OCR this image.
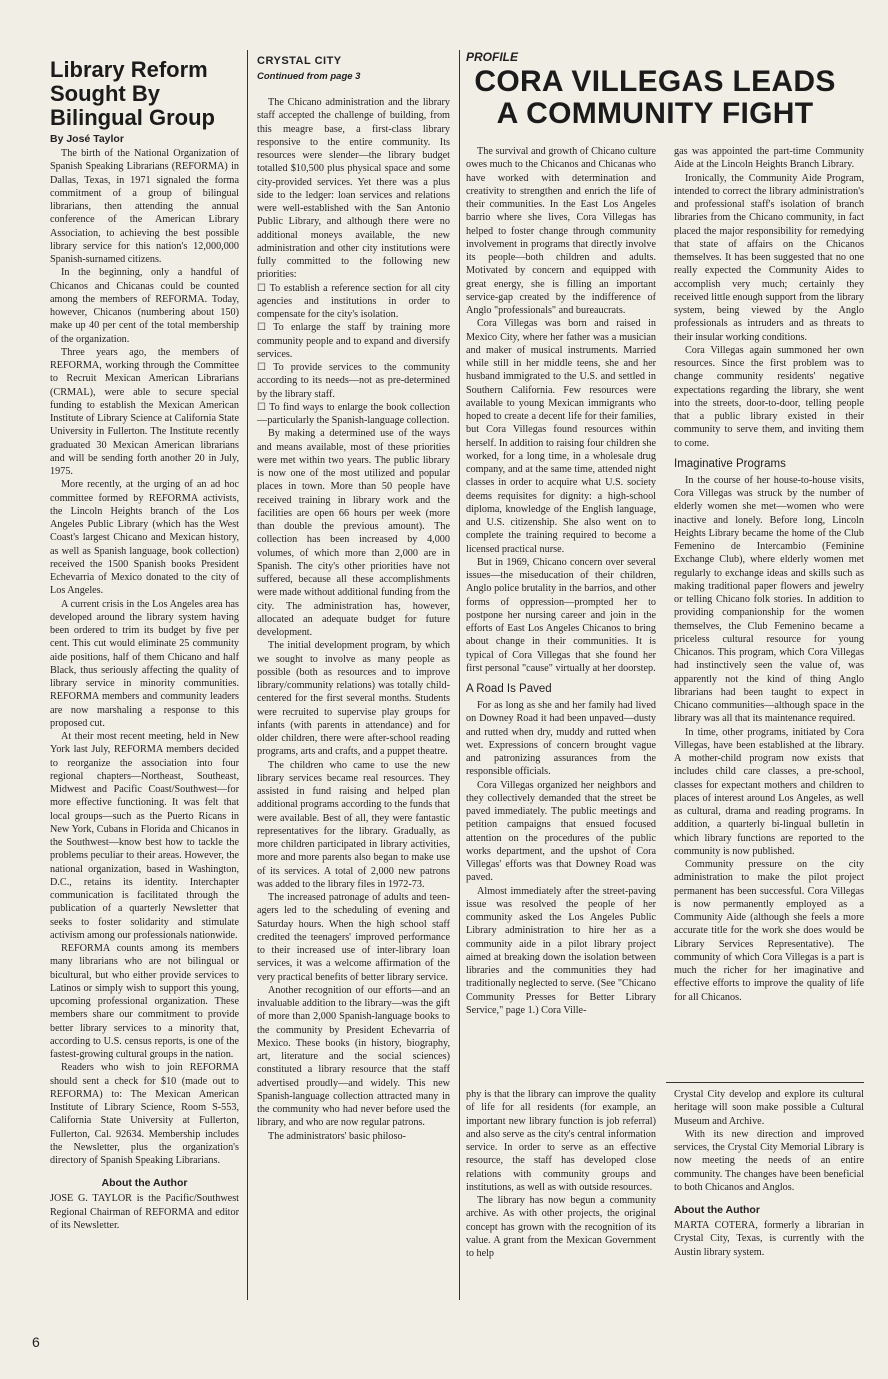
Library Reform Sought By Bilingual Group
By José Taylor

The birth of the National Organization of Spanish Speaking Librarians (REFORMA) in Dallas, Texas, in 1971 signaled the forma commitment of a group of bilingual librarians, then attending the annual conference of the American Library Association, to achieving the best possible library service for this nation's 12,000,000 Spanish-surnamed citizens.

In the beginning, only a handful of Chicanos and Chicanas could be counted among the members of REFORMA. Today, however, Chicanos (numbering about 150) make up 40 per cent of the total membership of the organization.

Three years ago, the members of REFORMA, working through the Committee to Recruit Mexican American Librarians (CRMAL), were able to secure special funding to establish the Mexican American Institute of Library Science at California State University in Fullerton. The Institute recently graduated 30 Mexican American librarians and will be sending forth another 20 in July, 1975.

More recently, at the urging of an ad hoc committee formed by REFORMA activists, the Lincoln Heights branch of the Los Angeles Public Library (which has the West Coast's largest Chicano and Mexican history, as well as Spanish language, book collection) received the 1500 Spanish books President Echevarria of Mexico donated to the city of Los Angeles.

A current crisis in the Los Angeles area has developed around the library system having been ordered to trim its budget by five per cent. This cut would eliminate 25 community aide positions, half of them Chicano and half Black, thus seriously affecting the quality of library service in minority communities. REFORMA members and community leaders are now marshaling a response to this proposed cut.

At their most recent meeting, held in New York last July, REFORMA members decided to reorganize the association into four regional chapters—Northeast, Southeast, Midwest and Pacific Coast/Southwest—for more effective functioning. It was felt that local groups—such as the Puerto Ricans in New York, Cubans in Florida and Chicanos in the Southwest—know best how to tackle the problems peculiar to their areas. However, the national organization, based in Washington, D.C., retains its identity. Interchapter communication is facilitated through the publication of a quarterly Newsletter that seeks to foster solidarity and stimulate activism among our professionals nationwide.

REFORMA counts among its members many librarians who are not bilingual or bicultural, but who either provide services to Latinos or simply wish to support this young, upcoming professional organization. These members share our commitment to provide better library services to a minority that, according to U.S. census reports, is one of the fastest-growing cultural groups in the nation.

Readers who wish to join REFORMA should sent a check for $10 (made out to REFORMA) to: The Mexican American Institute of Library Science, Room S-553, California State University at Fullerton, Fullerton, Cal. 92634. Membership includes the Newsletter, plus the organization's directory of Spanish Speaking Librarians.

About the Author

JOSE G. TAYLOR is the Pacific/Southwest Regional Chairman of REFORMA and editor of its Newsletter.

CRYSTAL CITY
Continued from page 3

The Chicano administration and the library staff accepted the challenge of building, from this meagre base, a first-class library responsive to the entire community. Its resources were slender—the library budget totalled $10,500 plus physical space and some city-provided services. Yet there was a plus side to the ledger: loan services and relations were well-established with the San Antonio Public Library, and although there were no additional moneys available, the new administration and other city institutions were fully committed to the following new priorities:

☐ To establish a reference section for all city agencies and institutions in order to compensate for the city's isolation.

☐ To enlarge the staff by training more community people and to expand and diversify services.

☐ To provide services to the community according to its needs—not as pre-determined by the library staff.

☐ To find ways to enlarge the book collection—particularly the Spanish-language collection.

By making a determined use of the ways and means available, most of these priorities were met within two years. The public library is now one of the most utilized and popular places in town. More than 50 people have received training in library work and the facilities are open 66 hours per week (more than double the previous amount). The collection has been increased by 4,000 volumes, of which more than 2,000 are in Spanish. The city's other priorities have not suffered, because all these accomplishments were made without additional funding from the city. The administration has, however, allocated an adequate budget for future development.

The initial development program, by which we sought to involve as many people as possible (both as resources and to improve library/community relations) was totally child-centered for the first several months. Students were recruited to supervise play groups for infants (with parents in attendance) and for older children, there were after-school reading programs, arts and crafts, and a puppet theatre.

The children who came to use the new library services became real resources. They assisted in fund raising and helped plan additional programs according to the funds that were available. Best of all, they were fantastic representatives for the library. Gradually, as more children participated in library activities, more and more parents also began to make use of its services. A total of 2,000 new patrons was added to the library files in 1972-73.

The increased patronage of adults and teen-agers led to the scheduling of evening and Saturday hours. When the high school staff credited the teenagers' improved performance to their increased use of inter-library loan services, it was a welcome affirmation of the very practical benefits of better library service.

Another recognition of our efforts—and an invaluable addition to the library—was the gift of more than 2,000 Spanish-language books to the community by President Echevarria of Mexico. These books (in history, biography, art, literature and the social sciences) constituted a library resource that the staff advertised proudly—and widely. This new Spanish-language collection attracted many in the community who had never before used the library, and who are now regular patrons.

The administrators' basic philoso-

PROFILE
CORA VILLEGAS LEADS A COMMUNITY FIGHT

The survival and growth of Chicano culture owes much to the Chicanos and Chicanas who have worked with determination and creativity to strengthen and enrich the life of their communities. In the East Los Angeles barrio where she lives, Cora Villegas has helped to foster change through community involvement in programs that directly involve its people—both children and adults. Motivated by concern and equipped with great energy, she is filling an important service-gap created by the indifference of Anglo "professionals" and bureaucrats.

Cora Villegas was born and raised in Mexico City, where her father was a musician and maker of musical instruments. Married while still in her middle teens, she and her husband immigrated to the U.S. and settled in Southern California. Few resources were available to young Mexican immigrants who hoped to create a decent life for their families, but Cora Villegas found resources within herself. In addition to raising four children she worked, for a long time, in a wholesale drug company, and at the same time, attended night classes in order to acquire what U.S. society deems requisites for dignity: a high-school diploma, knowledge of the English language, and U.S. citizenship. She also went on to complete the training required to become a licensed practical nurse.

But in 1969, Chicano concern over several issues—the miseducation of their children, Anglo police brutality in the barrios, and other forms of oppression—prompted her to postpone her nursing career and join in the efforts of East Los Angeles Chicanos to bring about change in their communities. It is typical of Cora Villegas that she found her first personal "cause" virtually at her doorstep.

A Road Is Paved

For as long as she and her family had lived on Downey Road it had been unpaved—dusty and rutted when dry, muddy and rutted when wet. Expressions of concern brought vague and patronizing assurances from the responsible officials.

Cora Villegas organized her neighbors and they collectively demanded that the street be paved immediately. The public meetings and petition campaigns that ensued focused attention on the procedures of the public works department, and the upshot of Cora Villegas' efforts was that Downey Road was paved.

Almost immediately after the street-paving issue was resolved the people of her community asked the Los Angeles Public Library administration to hire her as a community aide in a pilot library project aimed at breaking down the isolation between libraries and the communities they had traditionally neglected to serve. (See "Chicano Community Presses for Better Library Service," page 1.) Cora Ville-

gas was appointed the part-time Community Aide at the Lincoln Heights Branch Library.

Ironically, the Community Aide Program, intended to correct the library administration's and professional staff's isolation of branch libraries from the Chicano community, in fact placed the major responsibility for remedying that state of affairs on the Chicanos themselves. It has been suggested that no one really expected the Community Aides to accomplish very much; certainly they received little enough support from the library system, being viewed by the Anglo professionals as intruders and as threats to their insular working conditions.

Cora Villegas again summoned her own resources. Since the first problem was to change community residents' negative expectations regarding the library, she went into the streets, door-to-door, telling people that a public library existed in their community to serve them, and inviting them to come.

Imaginative Programs

In the course of her house-to-house visits, Cora Villegas was struck by the number of elderly women she met—women who were inactive and lonely. Before long, Lincoln Heights Library became the home of the Club Femenino de Intercambio (Feminine Exchange Club), where elderly women met regularly to exchange ideas and skills such as making traditional paper flowers and jewelry or telling Chicano folk stories. In addition to providing companionship for the women themselves, the Club Femenino became a priceless cultural resource for young Chicanos. This program, which Cora Villegas had instinctively seen the value of, was apparently not the kind of thing Anglo librarians had been taught to expect in Chicano communities—although space in the library was all that its maintenance required.

In time, other programs, initiated by Cora Villegas, have been established at the library. A mother-child program now exists that includes child care classes, a pre-school, classes for expectant mothers and children to places of interest around Los Angeles, as well as cultural, drama and reading programs. In addition, a quarterly bi-lingual bulletin in which library functions are reported to the community is now published.

Community pressure on the city administration to make the pilot project permanent has been successful. Cora Villegas is now permanently employed as a Community Aide (although she feels a more accurate title for the work she does would be Library Services Representative). The community of which Cora Villegas is a part is much the richer for her imaginative and effective efforts to improve the quality of life for all Chicanos.

phy is that the library can improve the quality of life for all residents (for example, an important new library function is job referral) and also serve as the city's central information service. In order to serve as an effective resource, the staff has developed close relations with community groups and institutions, as well as with outside resources.

The library has now begun a community archive. As with other projects, the original concept has grown with the recognition of its value. A grant from the Mexican Government to help

Crystal City develop and explore its cultural heritage will soon make possible a Cultural Museum and Archive.

With its new direction and improved services, the Crystal City Memorial Library is now meeting the needs of an entire community. The changes have been beneficial to both Chicanos and Anglos.

About the Author

MARTA COTERA, formerly a librarian in Crystal City, Texas, is currently with the Austin library system.

6
